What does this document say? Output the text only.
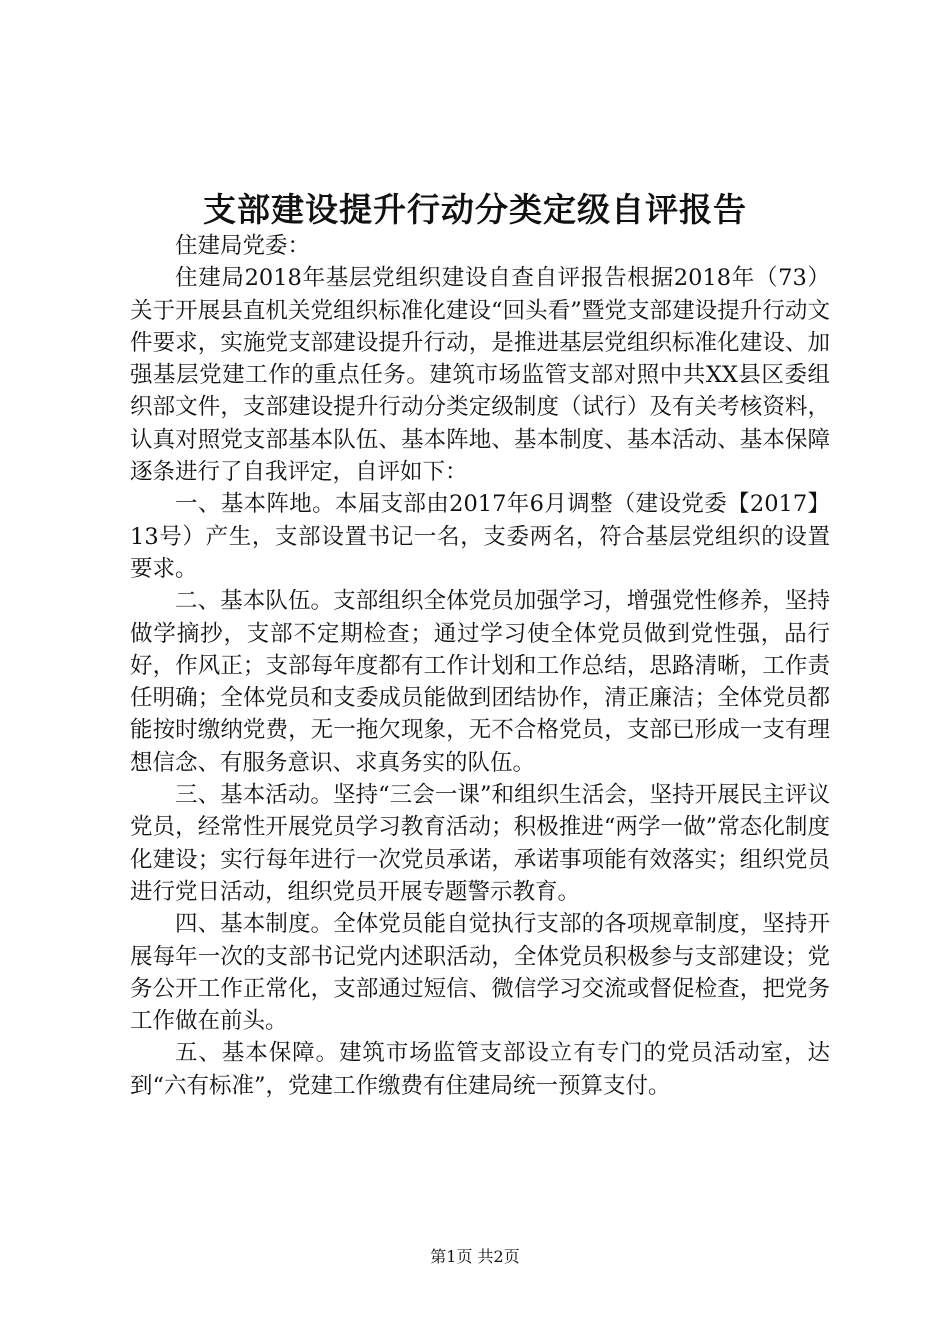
支部建设提升行动分类定级自评报告

住建局党委：

住建局2018年基层党组织建设自查自评报告根据2018年（73）关于开展县直机关党组织标准化建设“回头看”暨党支部建设提升行动文件要求，实施党支部建设提升行动，是推进基层党组织标准化建设、加强基层党建工作的重点任务。建筑市场监管支部对照中共XX县区委组织部文件，支部建设提升行动分类定级制度（试行）及有关考核资料，认真对照党支部基本队伍、基本阵地、基本制度、基本活动、基本保障逐条进行了自我评定，自评如下：

一、基本阵地。本届支部由2017年6月调整（建设党委【2017】13号）产生，支部设置书记一名，支委两名，符合基层党组织的设置要求。

二、基本队伍。支部组织全体党员加强学习，增强党性修养，坚持做学摘抄，支部不定期检查；通过学习使全体党员做到党性强，品行好，作风正；支部每年度都有工作计划和工作总结，思路清晰，工作责任明确；全体党员和支委成员能做到团结协作，清正廉洁；全体党员都能按时缴纳党费，无一拖欠现象，无不合格党员，支部已形成一支有理想信念、有服务意识、求真务实的队伍。

三、基本活动。坚持“三会一课”和组织生活会，坚持开展民主评议党员，经常性开展党员学习教育活动；积极推进“两学一做”常态化制度化建设；实行每年进行一次党员承诺，承诺事项能有效落实；组织党员进行党日活动，组织党员开展专题警示教育。

四、基本制度。全体党员能自觉执行支部的各项规章制度，坚持开展每年一次的支部书记党内述职活动，全体党员积极参与支部建设；党务公开工作正常化，支部通过短信、微信学习交流或督促检查，把党务工作做在前头。

五、基本保障。建筑市场监管支部设立有专门的党员活动室，达到“六有标准”，党建工作缴费有住建局统一预算支付。

第1页 共2页
